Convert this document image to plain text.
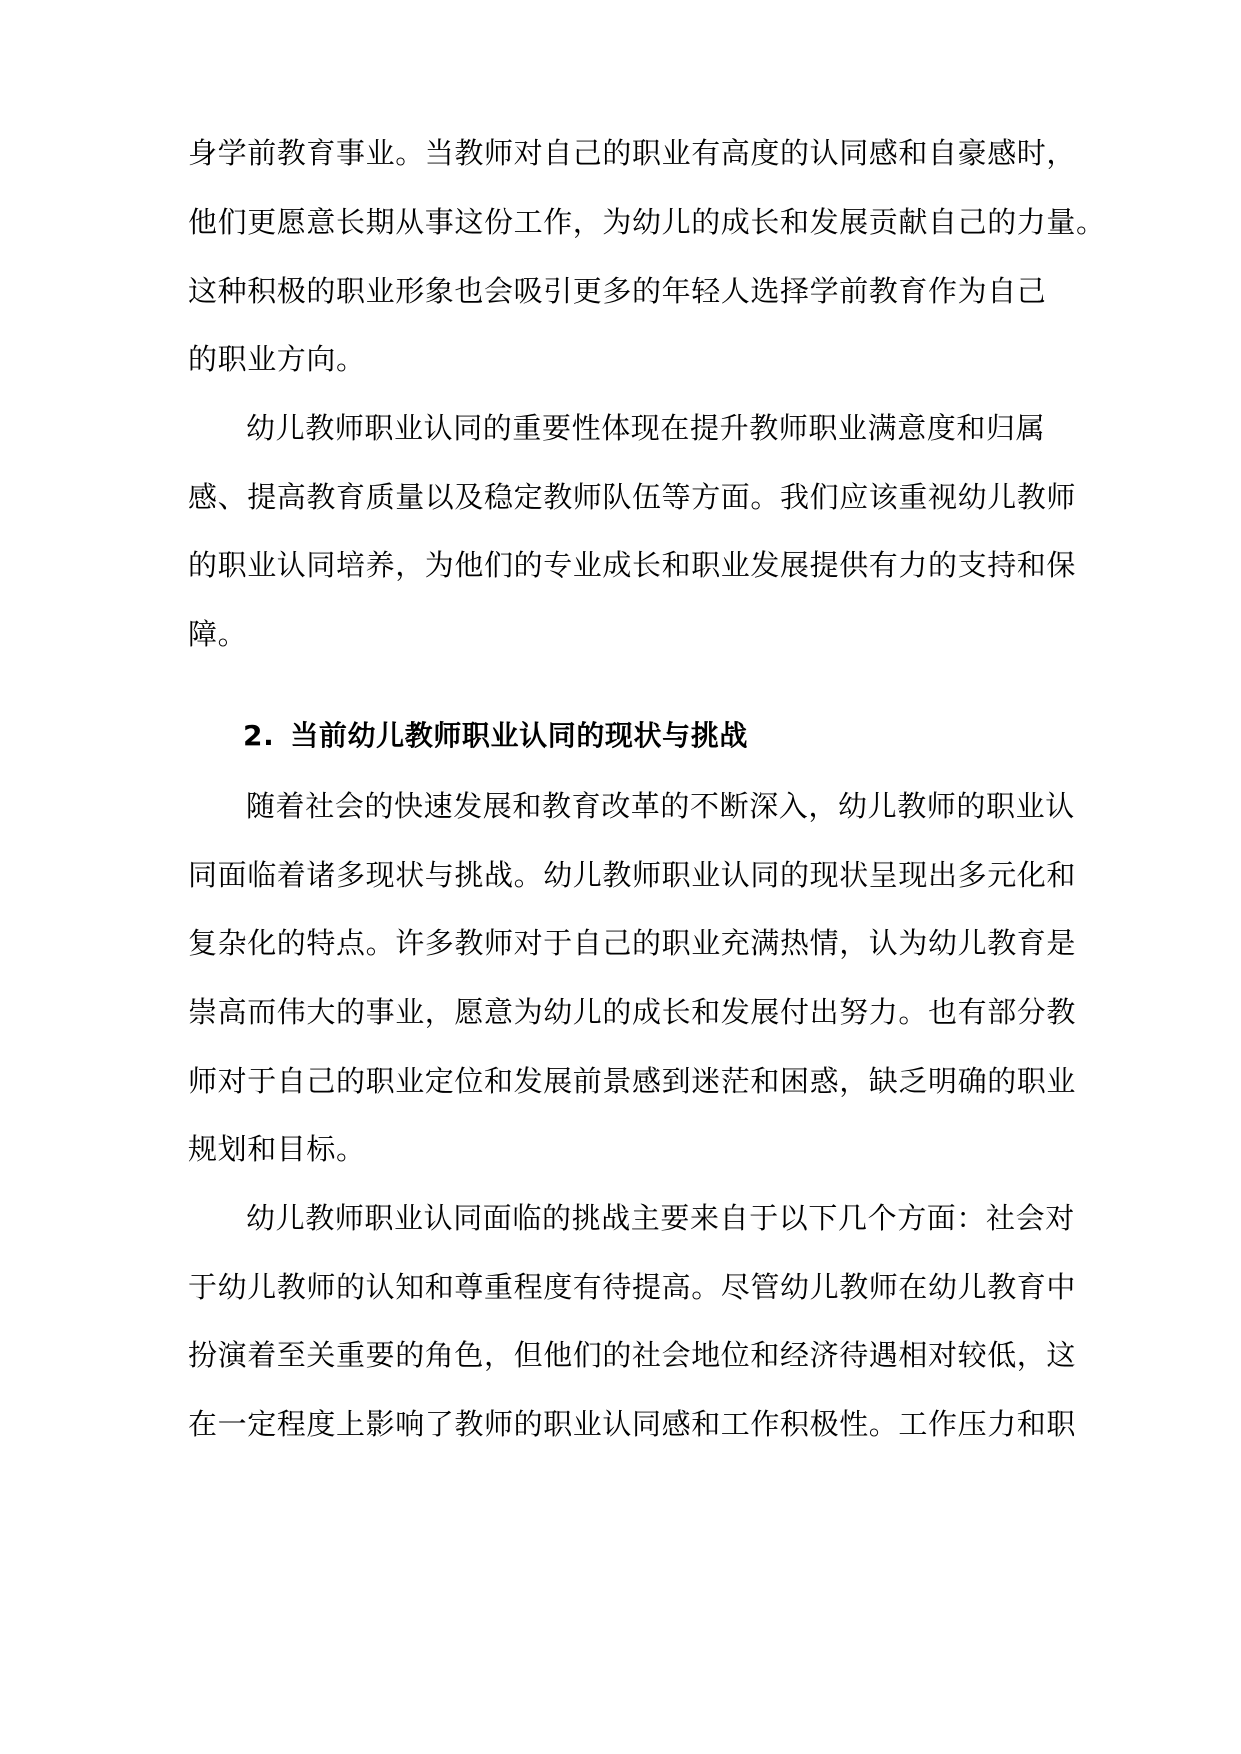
身学前教育事业。当教师对自己的职业有高度的认同感和自豪感时，
他们更愿意长期从事这份工作，为幼儿的成长和发展贡献自己的力量。
这种积极的职业形象也会吸引更多的年轻人选择学前教育作为自己
的职业方向。
幼儿教师职业认同的重要性体现在提升教师职业满意度和归属
感、提高教育质量以及稳定教师队伍等方面。我们应该重视幼儿教师
的职业认同培养，为他们的专业成长和职业发展提供有力的支持和保
障。
2. 当前幼儿教师职业认同的现状与挑战
随着社会的快速发展和教育改革的不断深入，幼儿教师的职业认
同面临着诸多现状与挑战。幼儿教师职业认同的现状呈现出多元化和
复杂化的特点。许多教师对于自己的职业充满热情，认为幼儿教育是
崇高而伟大的事业，愿意为幼儿的成长和发展付出努力。也有部分教
师对于自己的职业定位和发展前景感到迷茫和困惑，缺乏明确的职业
规划和目标。
幼儿教师职业认同面临的挑战主要来自于以下几个方面：社会对
于幼儿教师的认知和尊重程度有待提高。尽管幼儿教师在幼儿教育中
扮演着至关重要的角色，但他们的社会地位和经济待遇相对较低，这
在一定程度上影响了教师的职业认同感和工作积极性。工作压力和职
